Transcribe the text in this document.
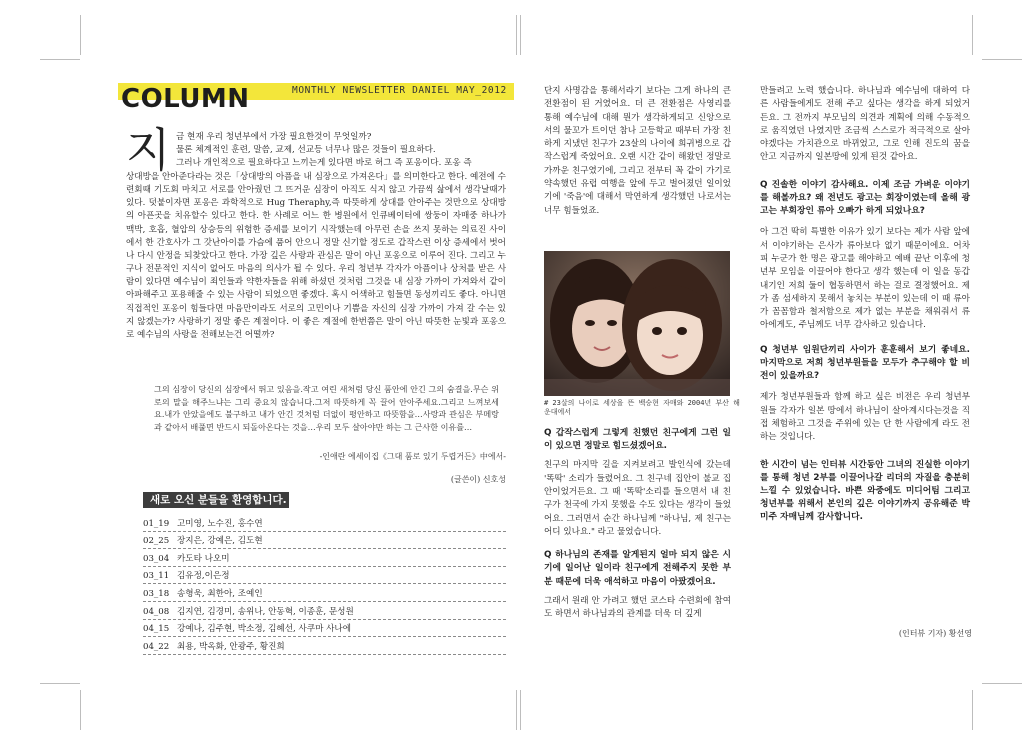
COLUMN	MONTHLY NEWSLETTER DANIEL MAY_2012
지 금 현재 우리 청년부에서 가장 필요한것이 무엇일까?

물론 체계적인 훈련, 말씀, 교제, 선교등 너무나 많은 것들이 필요하다.

그러나 개인적으로 필요하다고 느끼는게 있다면 바로 허그 즉 포옹이다. 포옹 즉

상대방을 안아준다라는 것은「상대방의 아픔을 내 심장으로 가져온다」를 의미한다고 한다. 예전에 수련회때 기도회 마치고 서로를 안아줬던 그 뜨거운 심장이 아직도 식지 않고 가끔씩 삶에서 생각날때가 있다. 덧붙이자면 포옹은 과학적으로 Hug Theraphy,즉 따뜻하게 상대를 안아주는 것만으로 상대방의 아픈곳을 치유할수 있다고 한다. 한 사례로 어느 한 병원에서 인큐베이터에 쌍둥이 자매중 하나가 맥박, 호흡, 혈압의 상승등의 위험한 증세를 보이기 시작했는데 아무런 손을 쓰지 못하는 의료진 사이에서 한 간호사가 그 갓난아이를 가슴에 품어 안으니 정말 신기할 정도로 갑작스런 이상 증세에서 벗어나 다시 안정을 되찾았다고 한다. 가장 깊은 사랑과 관심은 말이 아닌 포옹으로 이루어 진다. 그리고 누구나 전문적인 지식이 없어도 마음의 의사가 될 수 있다. 우리 청년부 각자가 아픔이나 상처를 받은 사람이 있다면 예수님이 죄인들과 약한자들을 위해 하셨던 것처럼 그것을 내 심장 가까이 가져와서 같이 아파해주고 포용해줄 수 있는 사람이 되었으면 좋겠다. 혹시 어색하고 힘들면 동성끼리도 좋다. 아니면 직접적인 포옹이 힘들다면 마음만이라도 서로의 고민이나 기쁨을 자신의 심장 가까이 가져 갈 수는 있지 않겠는가? 사랑하기 정말 좋은 계절이다. 이 좋은 계절에 한번쯤은 말이 아닌 따뜻한 눈빛과 포옹으로 예수님의 사랑을 전해보는건 어떨까?

그의 심장이 당신의 심장에서 뛰고 있음을.작고 여린 새처럼 당신 품안에 안긴 그의 숨결을.무슨 위로의 말을 해주느냐는 그리 중요치 않습니다.그저 따뜻하게 꼭 끌어 안아주세요.그리고 느껴보세요.내가 안았을에도 불구하고 내가 안긴 것처럼 더없이 평안하고 따뜻함을…사랑과 관심은 부메랑과 같아서 배풀면 반드시 되돌아온다는 것을…우리 모두 살아야만 하는 그 근사한 이유를…

-인애란 에세이집《그대 품로 있기 두렵거든》中에서-
(글쓴이) 신호성
새로 오신 분들을 환영합니다.
01_19 고미영, 노수진, 홍수연
02_25 장지은, 강예은, 김도현
03_04 카도타 나오미
03_11 김유정,이은정
03_18 송형욱, 최한아, 조예인
04_08 김지연, 김경미, 송위나, 안동혁, 이종훈, 문성원
04_15 강예나, 김주현, 박소정, 김혜선, 사쿠마 사나에
04_22 최용, 박옥화, 안광주, 황진희

단지 사명감을 통해서라기 보다는 그게 하나의 큰 전환점이 된 거였어요. 더 큰 전환점은 사영리를 통해 예수님에 대해 뭔가 생각하게되고 신앙으로서의 물꼬가 트이던 참나 고등학교 때부터 가장 친하게 지냈던 친구가 23살의 나이에 희귀병으로 갑작스럽게 죽었어요. 오랜 시간 같이 해왔던 정말로 가까운 친구였기에, 그리고 전부터 꼭 같이 가기로 약속했던 유럽 여행을 앞에 두고 벌어졌던 일이었기에 '죽음'에 대해서 막연하게 생각했던 나로서는 너무 힘들었죠.

# 23살의 나이로 세상을 뜬 백승현 자매와 2004년 부산 해운대에서

Q 갑작스럽게 그렇게 친했던 친구에게 그런 일이 있으면 정말로 힘드셨겠어요.

친구의 마지막 길을 지켜보려고 발인식에 갔는데 '똑딱' 소리가 들렸어요. 그 친구네 집안이 불교 집안이었거든요. 그 때 '똑딱'소리를 들으면서 내 친구가 천국에 가지 못했을 수도 있다는 생각이 들었어요. 그러면서 순간 하나님께 "하나님, 제 친구는 어디 있나요." 라고 물었습니다.

Q 하나님의 존재를 알게된지 얼마 되지 않은 시기에 일어난 일이라 친구에게 전해주지 못한 부분 때문에 더욱 애석하고 마음이 아팠겠어요.

그래서 원래 안 가려고 했던 코스타 수련회에 참여도 하면서 하나님과의 관계를 더욱 더 깊게

만들려고 노력 했습니다. 하나님과 예수님에 대하여 다른 사람들에게도 전해 주고 싶다는 생각을 하게 되었거든요. 그 전까지 부모님의 의견과 계획에 의해 수동적으로 움직였던 나였지만 조금씩 스스로가 적극적으로 살아야겠다는 가치관으로 바뀌었고, 그로 인해 진도의 꿈을 안고 지금까지 일본땅에 있게 된것 같아요.

Q 진솔한 이야기 감사해요. 이제 조금 가벼운 이야기를 해볼까요? 왜 전년도 광고는 회장이였는데 올해 광고는 부회장인 류아 오빠가 하게 되었나요?

아 그건 딱히 특별한 이유가 있기 보다는 제가 사람 앞에서 이야기하는 은사가 류아보다 없기 때문이에요. 어차피 누군가 한 명은 광고를 해야하고 예배 끝난 이후에 청년부 모임을 이끌어야 한다고 생각 했는데 이 일을 동갑내기인 저희 둘이 협동하면서 하는 걸로 결정했어요. 제가 좀 섬세하지 못해서 놓치는 부분이 있는데 이 때 류아가 꼼꼼함과 철저함으로 제가 없는 부분을 채워줘서 류아에게도, 주님께도 너무 감사하고 있습니다.

Q 청년부 임원단끼리 사이가 훈훈해서 보기 좋네요. 마지막으로 저희 청년부원들을 모두가 추구해야 할 비전이 있을까요?

제가 청년부원들과 함께 하고 싶은 비전은 우리 청년부원들 각자가 일본 땅에서 하나님이 살아계시다는것을 직접 체험하고 그것을 주위에 있는 단 한 사람에게 라도 전하는 것입니다.

한 시간이 넘는 인터뷰 시간동안 그녀의 진실한 이야기를 통해 청년 2부를 이끌어나갈 리더의 자질을 충분히 느낄 수 있었습니다. 바쁜 와중에도 미디어팀 그리고 청년부를 위해서 본인의 깊은 이야기까지 공유해준 박미주 자매님께 감사합니다.

(인터뷰 기자) 황선영
